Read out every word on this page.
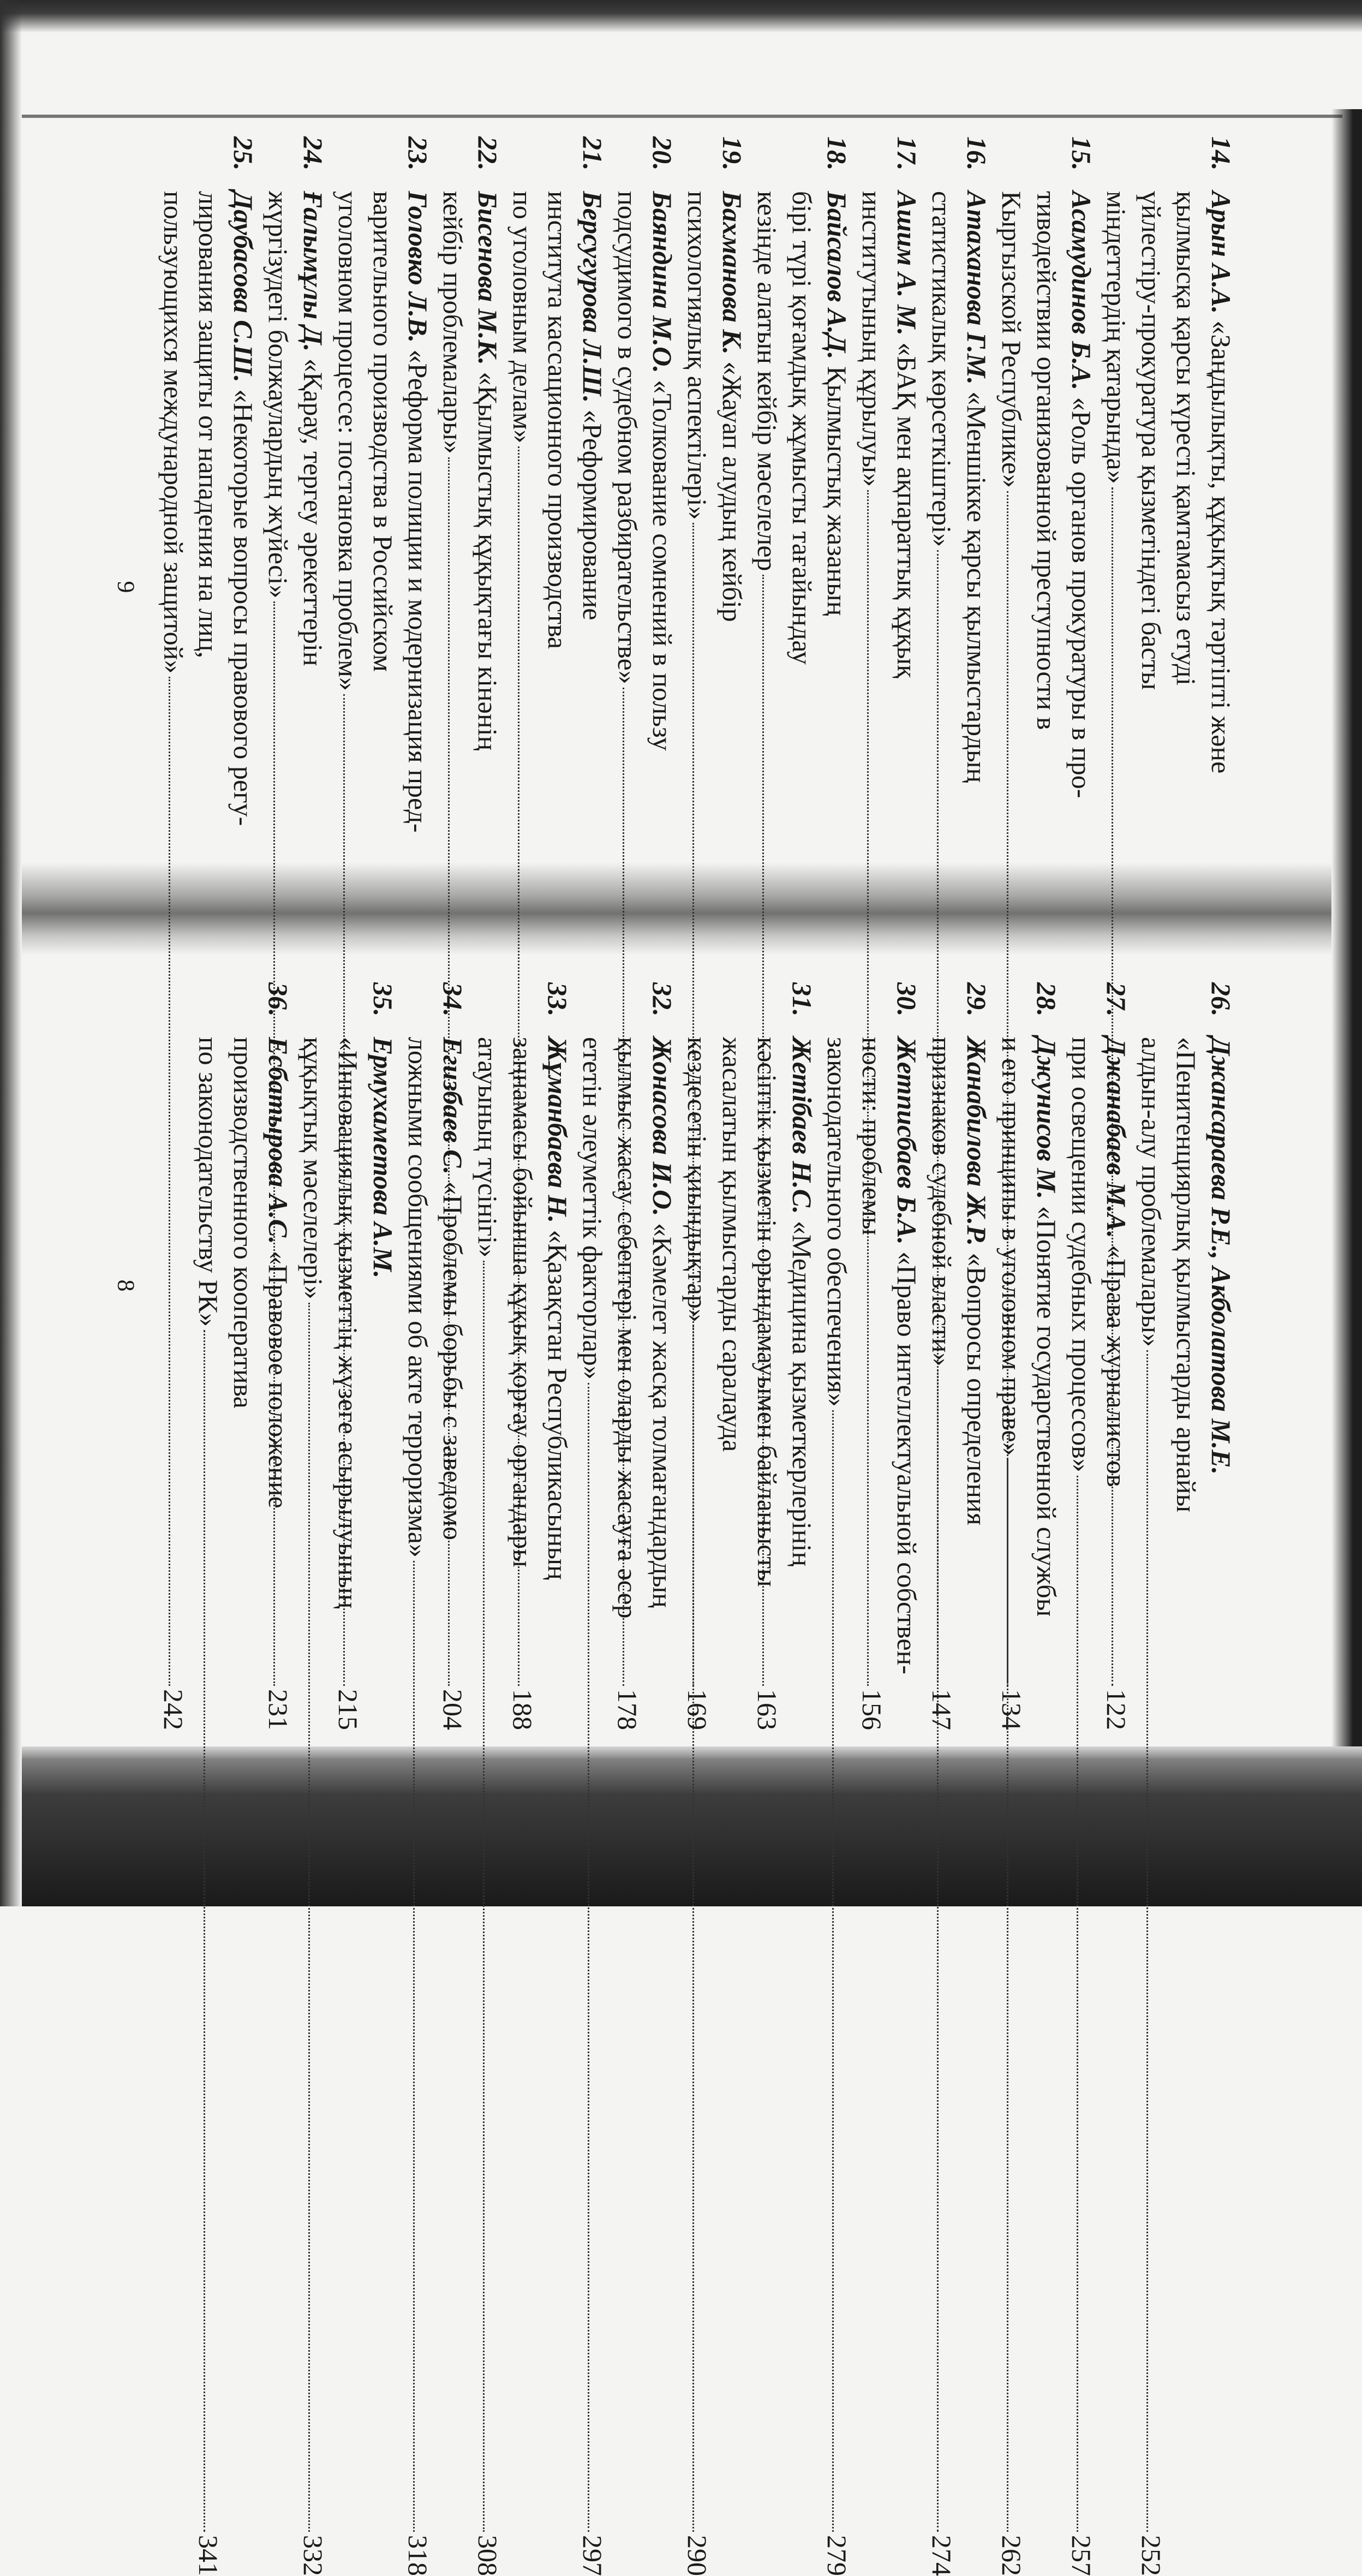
14.Арын А.А. «Заңдылықты, құқықтық тәртіпті және
қылмысқа қарсы күресті қамтамасыз етуді
үйлестіру-прокуратура қызметіндегі басты
міндеттердің қатарында»
122
15.Асамудинов Б.А. «Роль органов прокуратуры в про-
тиводействии организованной преступности в
Кыргызской Республике»
134
16.Атаханова Г.М. «Меншікке қарсы қылмыстардың
статистикалық көрсеткіштері»
147
17.Ашим А. М. «БАҚ мен ақпараттық құқық
институтының құрылуы»
156
18.Байсалов А.Д. Қылмыстық жазаның
бірі түрі қоғамдық жұмысты тағайындау
кезінде алатын кейбір мәселелер
163
19.Бахманова К. «Жауап алудың кейбір
психологиялық аспектілері»
169
20.Баяндина М.О. «Толкование сомнений в пользу
подсудимого в судебном разбирательстве»
178
21.Берсугурова Л.Ш. «Реформирование
института кассационного производства
по уголовным делам»
188
22.Бисенова М.К. «Қылмыстық құқықтағы кінәнің
кейбір проблемалары»
204
23.Головко Л.В. «Реформа полиции и модернизация пред-
варительного производства в Российском
уголовном процессе: постановка проблем»
215
24.Ғалымұлы Д. «Қарау, тергеу әрекеттерін
жүргізудегі болжаулардың жүйесі»
231
25.Даубасова С.Ш. «Некоторые вопросы правового регу-
лирования защиты от нападения на лиц,
пользующихся международной защитой»
242
26.Джансараева Р.Е., Акболатова М.Е.
«Пенитенциярлық қылмыстарды арнайы
алдын-алу проблемалары»
252
27.Джанабаев М.А. «Права журналистов
при освещении судебных процессов»
257
28.Джунисов М. «Понятие государственной службы
и его принципы в уголовном праве»
262
29.Жанабилова Ж.Р. «Вопросы определения
признаков судебной власти»
274
30.Жетписбаев Б.А. «Право интеллектуальной собствен-
ности: проблемы
законодательного обеспечения»
279
31.Жетібаев Н.С. «Медицина қызметкерлерінің
кәсіптік қызметін орындамауымен байланысты
жасалатын қылмыстарды саралауда
кездесетін қиындықтар»
290
32.Жонасова И.О. «Кәмелет жасқа толмағандардың
қылмыс жасау себептері мен оларды жасауға әсер
ететін әлеуметтік факторлар»
297
33.Жұманбаева Н. «Қазақстан Республикасының
заңнамасы бойынша құқық қорғау органдары
атауының түсінігі»
308
34.Егизбаев С. «Проблемы борьбы с заведомо
ложными сообщениями об акте терроризма»
318
35.Ермухаметова А.М.
«Инновациялық қызметтің жүзеге асырылуының
құқықтық мәселелері»
332
36.Есбатырова А.С. «Правовое положение
производственного кооператива
по законодательству РК»
341
8
9
